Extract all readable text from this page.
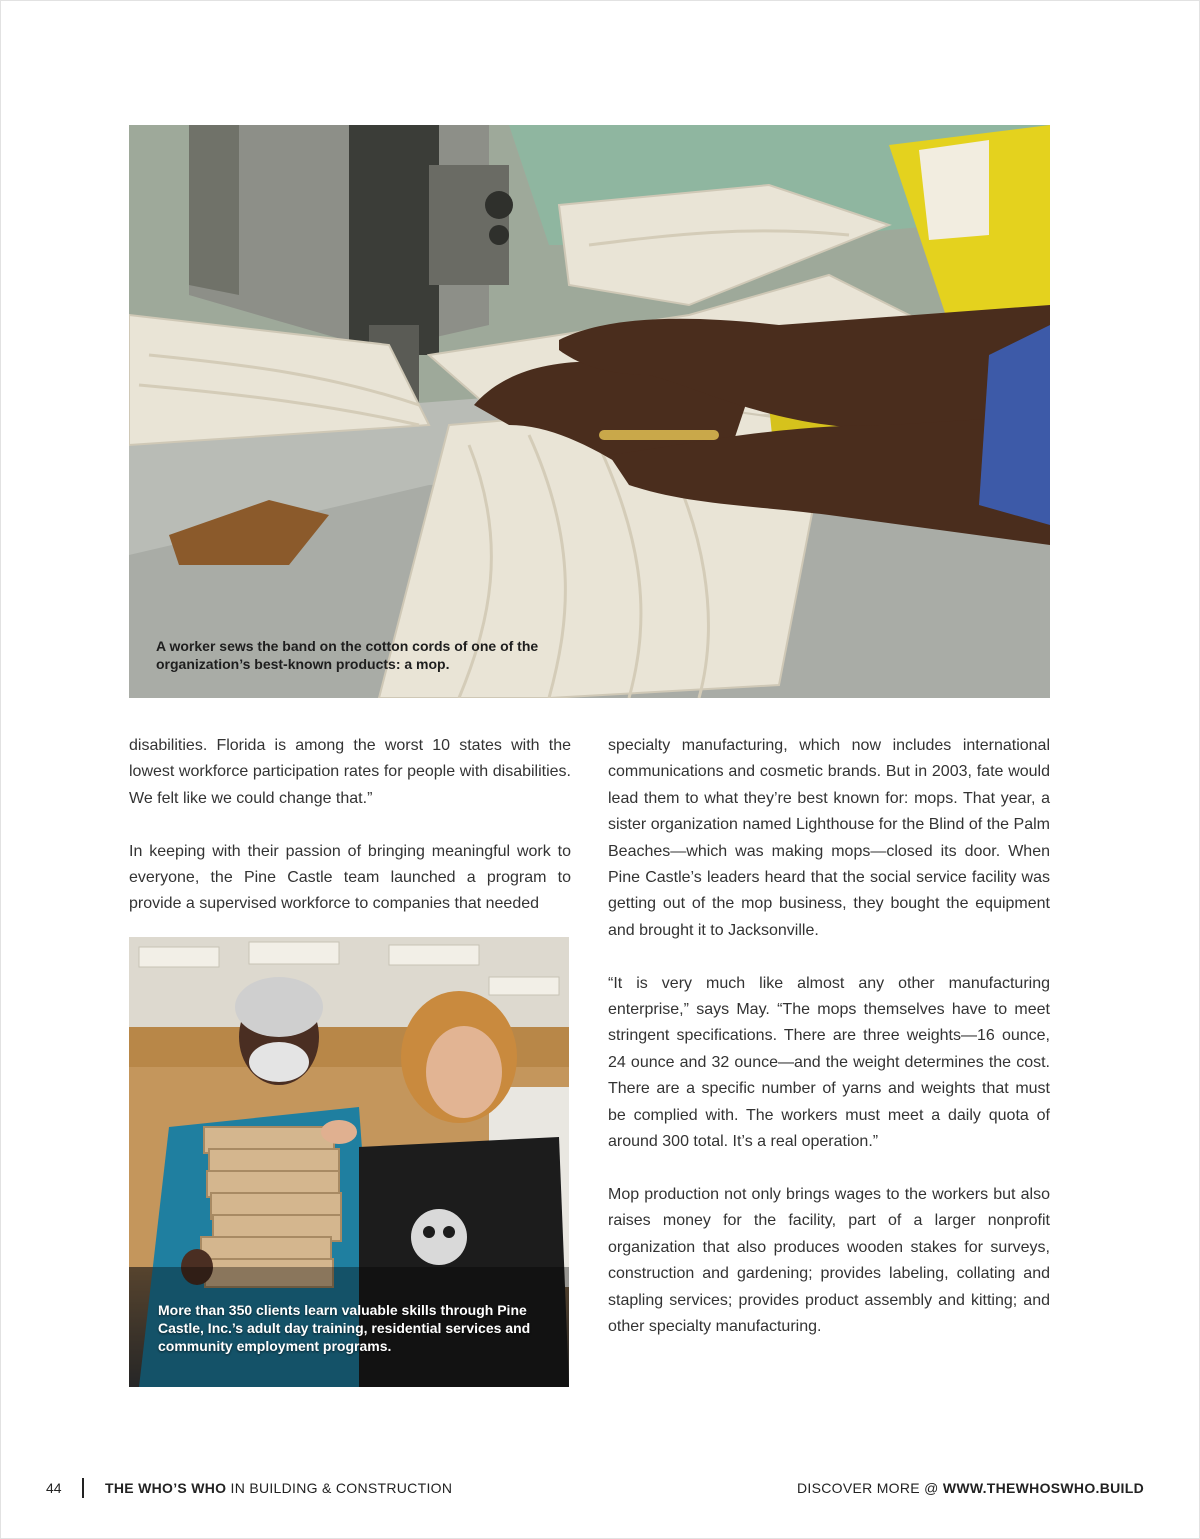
A worker sews the band on the cotton cords of one of the organization’s best-known products: a mop.

disabilities. Florida is among the worst 10 states with the lowest workforce participation rates for people with disabilities. We felt like we could change that.”

In keeping with their passion of bringing meaningful work to everyone, the Pine Castle team launched a program to provide a supervised workforce to companies that needed

More than 350 clients learn valuable skills through Pine Castle, Inc.’s adult day training, residential services and community employment programs.

specialty manufacturing, which now includes international communications and cosmetic brands. But in 2003, fate would lead them to what they’re best known for: mops. That year, a sister organization named Lighthouse for the Blind of the Palm Beaches—which was making mops—closed its door. When Pine Castle’s leaders heard that the social service facility was getting out of the mop business, they bought the equipment and brought it to Jacksonville.

“It is very much like almost any other manufacturing enterprise,” says May. “The mops themselves have to meet stringent specifications. There are three weights—16 ounce, 24 ounce and 32 ounce—and the weight determines the cost. There are a specific number of yarns and weights that must be complied with. The workers must meet a daily quota of around 300 total. It’s a real operation.”

Mop production not only brings wages to the workers but also raises money for the facility, part of a larger nonprofit organization that also produces wooden stakes for surveys, construction and gardening; provides labeling, collating and stapling services; provides product assembly and kitting; and other specialty manufacturing.

44	THE WHO’S WHO IN BUILDING & CONSTRUCTION	DISCOVER MORE @ WWW.THEWHOSWHO.BUILD
